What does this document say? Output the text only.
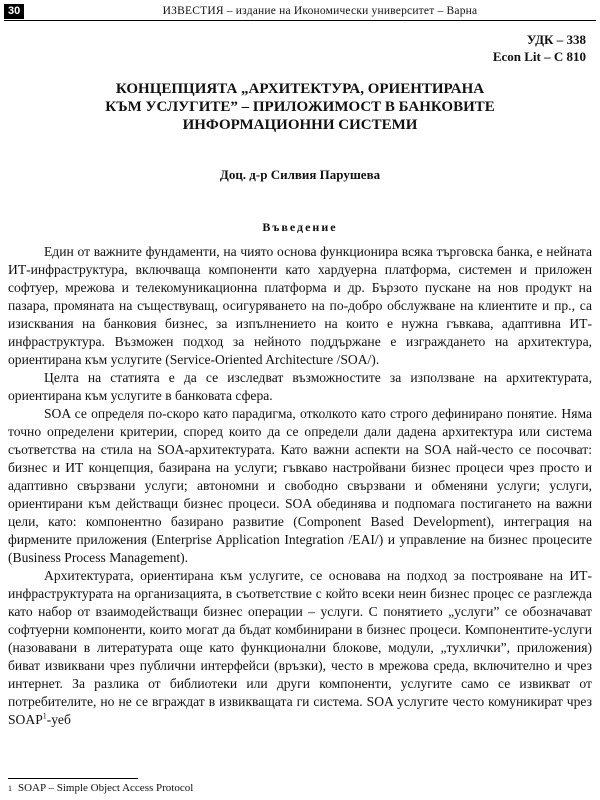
30	ИЗВЕСТИЯ – издание на Икономически университет – Варна
УДК – 338
Econ Lit – C 810
КОНЦЕПЦИЯТА „АРХИТЕКТУРА, ОРИЕНТИРАНА
КЪМ УСЛУГИТЕ” – ПРИЛОЖИМОСТ В БАНКОВИТЕ
ИНФОРМАЦИОННИ СИСТЕМИ
Доц. д-р Силвия Парушева
Въведение

Един от важните фундаменти, на чиято основа функционира всяка търговска банка, е нейната ИТ-инфраструктура, включваща компоненти като хардуерна платформа, системен и приложен софтуер, мрежова и телекомуникационна платформа и др. Бързото пускане на нов продукт на пазара, промяната на съществуващ, осигуряването на по-добро обслужване на клиентите и пр., са изисквания на банковия бизнес, за изпълнението на които е нужна гъвкава, адаптивна ИТ-инфраструктура. Възможен подход за нейното поддържане е изграждането на архитектура, ориентирана към услугите (Service-Oriented Architecture /SOA/).

Целта на статията е да се изследват възможностите за използване на архитектурата, ориентирана към услугите в банковата сфера.

SOA се определя по-скоро като парадигма, отколкото като строго дефинирано понятие. Няма точно определени критерии, според които да се определи дали дадена архитектура или система съответства на стила на SOA-архитектурата. Като важни аспекти на SOA най-често се посочват: бизнес и ИТ концепция, базирана на услуги; гъвкаво настройвани бизнес процеси чрез просто и адаптивно свързвани услуги; автономни и свободно свързвани и обменяни услуги; услуги, ориентирани към действащи бизнес процеси. SOA обединява и подпомага постигането на важни цели, като: компонентно базирано развитие (Component Based Development), интеграция на фирмените приложения (Enterprise Application Integration /EAI/) и управление на бизнес процесите (Business Process Management).

Архитектурата, ориентирана към услугите, се основава на подход за построяване на ИТ-инфраструктурата на организацията, в съответствие с който всеки неин бизнес процес се разглежда като набор от взаимодействащи бизнес операции – услуги. С понятието „услуги” се обозначават софтуерни компоненти, които могат да бъдат комбинирани в бизнес процеси. Компонентите-услуги (назовавани в литературата още като функционални блокове, модули, „тухлички”, приложения) биват извиквани чрез публични интерфейси (връзки), често в мрежова среда, включително и чрез интернет. За разлика от библиотеки или други компоненти, услугите само се извикват от потребителите, но не се вграждат в извикващата ги система. SOA услугите често комуникират чрез SOAP$^1$-уеб

$^1$ SOAP – Simple Object Access Protocol
